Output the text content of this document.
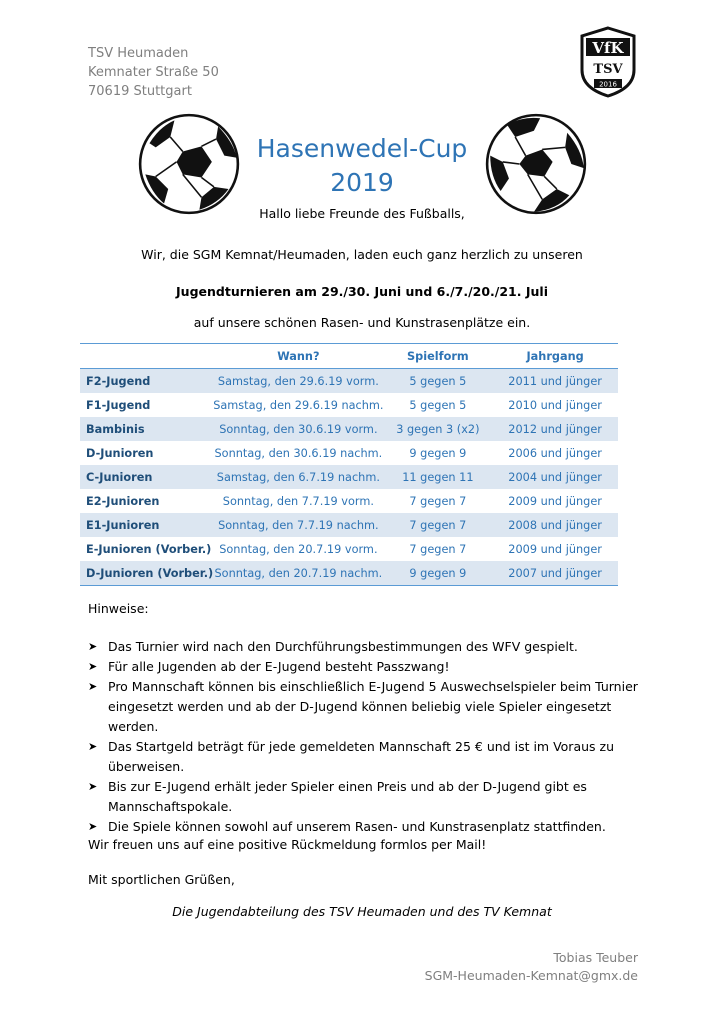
TSV Heumaden
Kemnater Straße 50
70619 Stuttgart
VfK
TSV
2016
Hasenwedel-Cup
2019
Hallo liebe Freunde des Fußballs,
Wir, die SGM Kemnat/Heumaden, laden euch ganz herzlich zu unseren
Jugendturnieren am 29./30. Juni und 6./7./20./21. Juli
auf unsere schönen Rasen- und Kunstrasenplätze ein.
	Wann?	Spielform	Jahrgang
F2-Jugend	Samstag, den 29.6.19 vorm.	5 gegen 5	2011 und jünger
F1-Jugend	Samstag, den 29.6.19 nachm.	5 gegen 5	2010 und jünger
Bambinis	Sonntag, den 30.6.19 vorm.	3 gegen 3 (x2)	2012 und jünger
D-Junioren	Sonntag, den 30.6.19 nachm.	9 gegen 9	2006 und jünger
C-Junioren	Samstag, den 6.7.19 nachm.	11 gegen 11	2004 und jünger
E2-Junioren	Sonntag, den 7.7.19 vorm.	7 gegen 7	2009 und jünger
E1-Junioren	Sonntag, den 7.7.19 nachm.	7 gegen 7	2008 und jünger
E-Junioren (Vorber.)	Sonntag, den 20.7.19 vorm.	7 gegen 7	2009 und jünger
D-Junioren (Vorber.)	Sonntag, den 20.7.19 nachm.	9 gegen 9	2007 und jünger
Hinweise:
➤ Das Turnier wird nach den Durchführungsbestimmungen des WFV gespielt.
➤ Für alle Jugenden ab der E-Jugend besteht Passzwang!
➤ Pro Mannschaft können bis einschließlich E-Jugend 5 Auswechselspieler beim Turnier
eingesetzt werden und ab der D-Jugend können beliebig viele Spieler eingesetzt werden.
➤ Das Startgeld beträgt für jede gemeldeten Mannschaft 25 € und ist im Voraus zu
überweisen.
➤ Bis zur E-Jugend erhält jeder Spieler einen Preis und ab der D-Jugend gibt es
Mannschaftspokale.
➤ Die Spiele können sowohl auf unserem Rasen- und Kunstrasenplatz stattfinden.
Wir freuen uns auf eine positive Rückmeldung formlos per Mail!
Mit sportlichen Grüßen,
Die Jugendabteilung des TSV Heumaden und des TV Kemnat
Tobias Teuber
SGM-Heumaden-Kemnat@gmx.de
